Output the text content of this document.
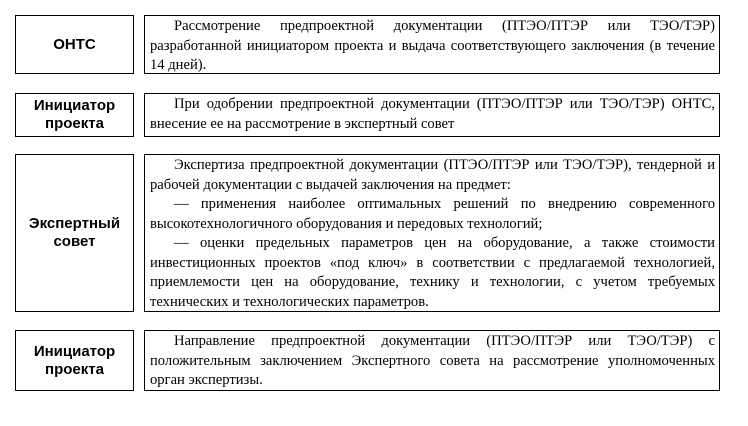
ОНТС

Рассмотрение предпроектной документации (ПТЭО/ПТЭР или ТЭО/ТЭР) разработанной инициатором проекта и выдача соответствующего заключения (в течение 14 дней).

Инициатор
проекта

При одобрении предпроектной документации (ПТЭО/ПТЭР или ТЭО/ТЭР) ОНТС, внесение ее на рассмотрение в экспертный совет

Экспертный
совет

Экспертиза предпроектной документации (ПТЭО/ПТЭР или ТЭО/ТЭР), тендерной и рабочей документации с выдачей заключения на предмет:

— применения наиболее оптимальных решений по внедрению современного высокотехнологичного оборудования и передовых технологий;

— оценки предельных параметров цен на оборудование, а также стоимости инвестиционных проектов «под ключ» в соответствии с предлагаемой технологией, приемлемости цен на оборудование, технику и технологии, с учетом требуемых технических и технологических параметров.

Инициатор
проекта

Направление предпроектной документации (ПТЭО/ПТЭР или ТЭО/ТЭР) с положительным заключением Экспертного совета на рассмотрение уполномоченных орган экспертизы.
